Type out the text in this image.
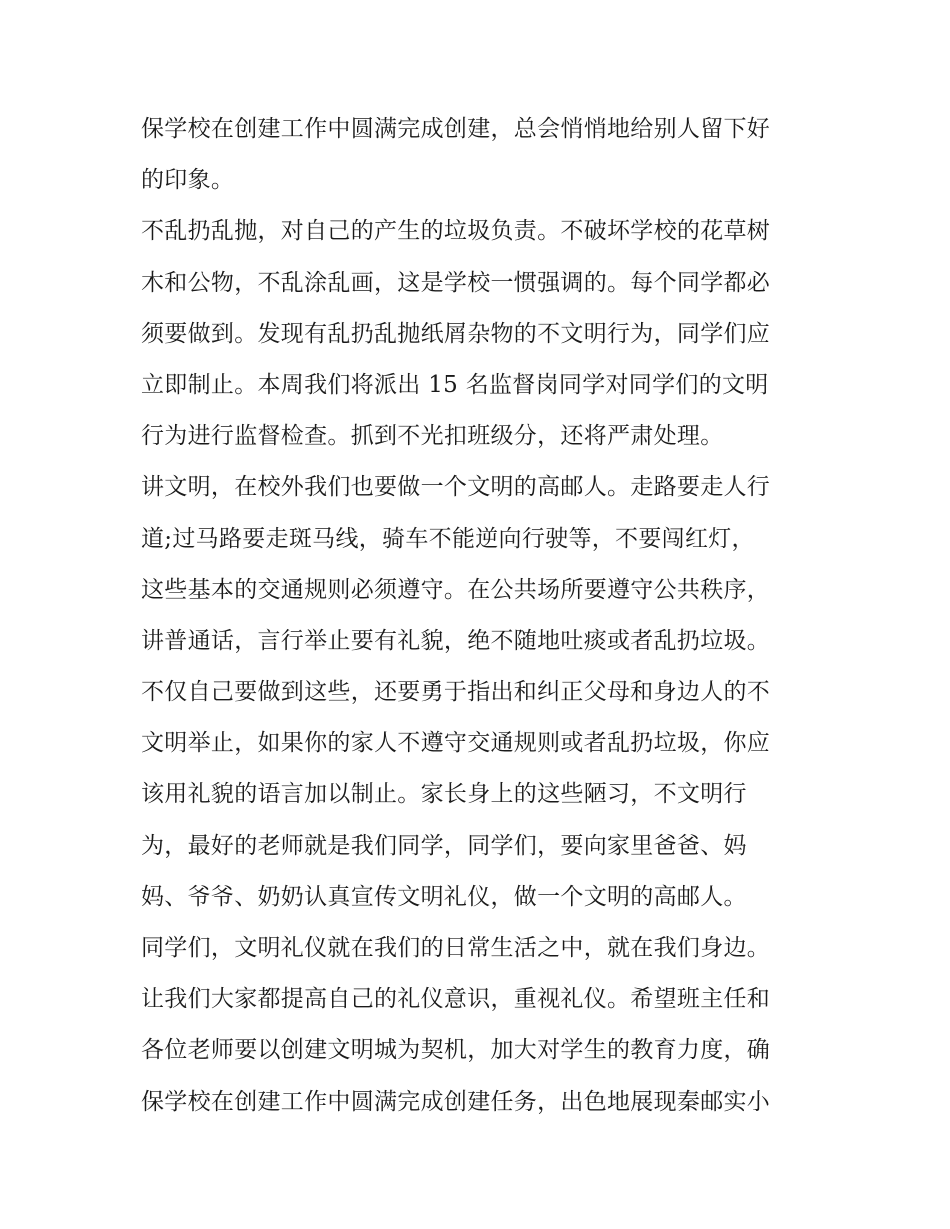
保学校在创建工作中圆满完成创建，总会悄悄地给别人留下好
的印象。
不乱扔乱抛，对自己的产生的垃圾负责。不破坏学校的花草树
木和公物，不乱涂乱画，这是学校一惯强调的。每个同学都必
须要做到。发现有乱扔乱抛纸屑杂物的不文明行为，同学们应
立即制止。本周我们将派出 15 名监督岗同学对同学们的文明
行为进行监督检查。抓到不光扣班级分，还将严肃处理。
讲文明，在校外我们也要做一个文明的高邮人。走路要走人行
道;过马路要走斑马线，骑车不能逆向行驶等，不要闯红灯，
这些基本的交通规则必须遵守。在公共场所要遵守公共秩序，
讲普通话，言行举止要有礼貌，绝不随地吐痰或者乱扔垃圾。
不仅自己要做到这些，还要勇于指出和纠正父母和身边人的不
文明举止，如果你的家人不遵守交通规则或者乱扔垃圾，你应
该用礼貌的语言加以制止。家长身上的这些陋习，不文明行
为，最好的老师就是我们同学，同学们，要向家里爸爸、妈
妈、爷爷、奶奶认真宣传文明礼仪，做一个文明的高邮人。
同学们，文明礼仪就在我们的日常生活之中，就在我们身边。
让我们大家都提高自己的礼仪意识，重视礼仪。希望班主任和
各位老师要以创建文明城为契机，加大对学生的教育力度，确
保学校在创建工作中圆满完成创建任务，出色地展现秦邮实小
